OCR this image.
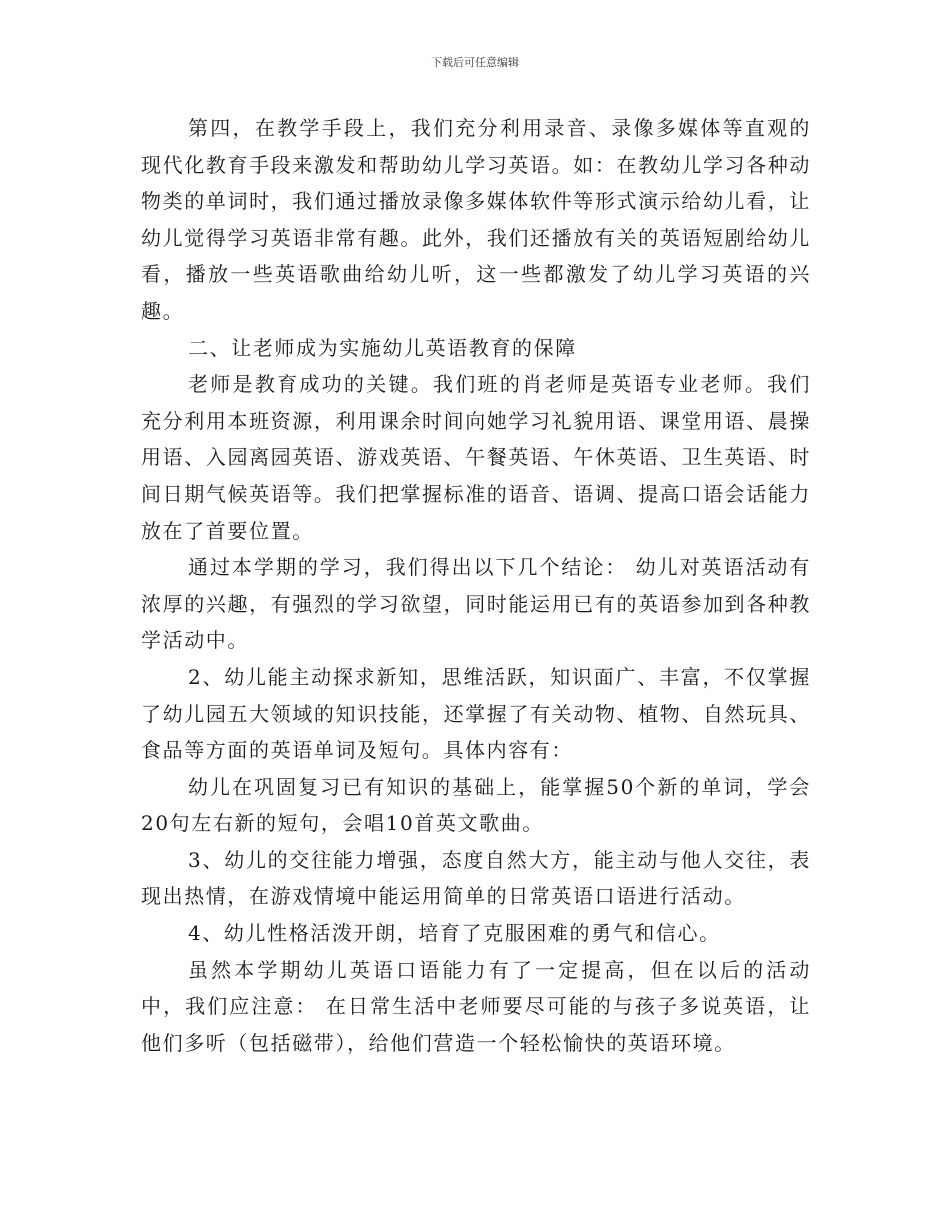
下载后可任意编辑

第四，在教学手段上，我们充分利用录音、录像多媒体等直观的现代化教育手段来激发和帮助幼儿学习英语。如：在教幼儿学习各种动物类的单词时，我们通过播放录像多媒体软件等形式演示给幼儿看，让幼儿觉得学习英语非常有趣。此外，我们还播放有关的英语短剧给幼儿看，播放一些英语歌曲给幼儿听，这一些都激发了幼儿学习英语的兴趣。

二、让老师成为实施幼儿英语教育的保障

老师是教育成功的关键。我们班的肖老师是英语专业老师。我们充分利用本班资源，利用课余时间向她学习礼貌用语、课堂用语、晨操用语、入园离园英语、游戏英语、午餐英语、午休英语、卫生英语、时间日期气候英语等。我们把掌握标准的语音、语调、提高口语会话能力放在了首要位置。

通过本学期的学习，我们得出以下几个结论： 幼儿对英语活动有浓厚的兴趣，有强烈的学习欲望，同时能运用已有的英语参加到各种教学活动中。

2、幼儿能主动探求新知，思维活跃，知识面广、丰富，不仅掌握了幼儿园五大领域的知识技能，还掌握了有关动物、植物、自然玩具、食品等方面的英语单词及短句。具体内容有：

幼儿在巩固复习已有知识的基础上，能掌握50个新的单词，学会20句左右新的短句，会唱10首英文歌曲。

3、幼儿的交往能力增强，态度自然大方，能主动与他人交往，表现出热情，在游戏情境中能运用简单的日常英语口语进行活动。

4、幼儿性格活泼开朗，培育了克服困难的勇气和信心。

虽然本学期幼儿英语口语能力有了一定提高，但在以后的活动中，我们应注意： 在日常生活中老师要尽可能的与孩子多说英语，让他们多听（包括磁带），给他们营造一个轻松愉快的英语环境。
